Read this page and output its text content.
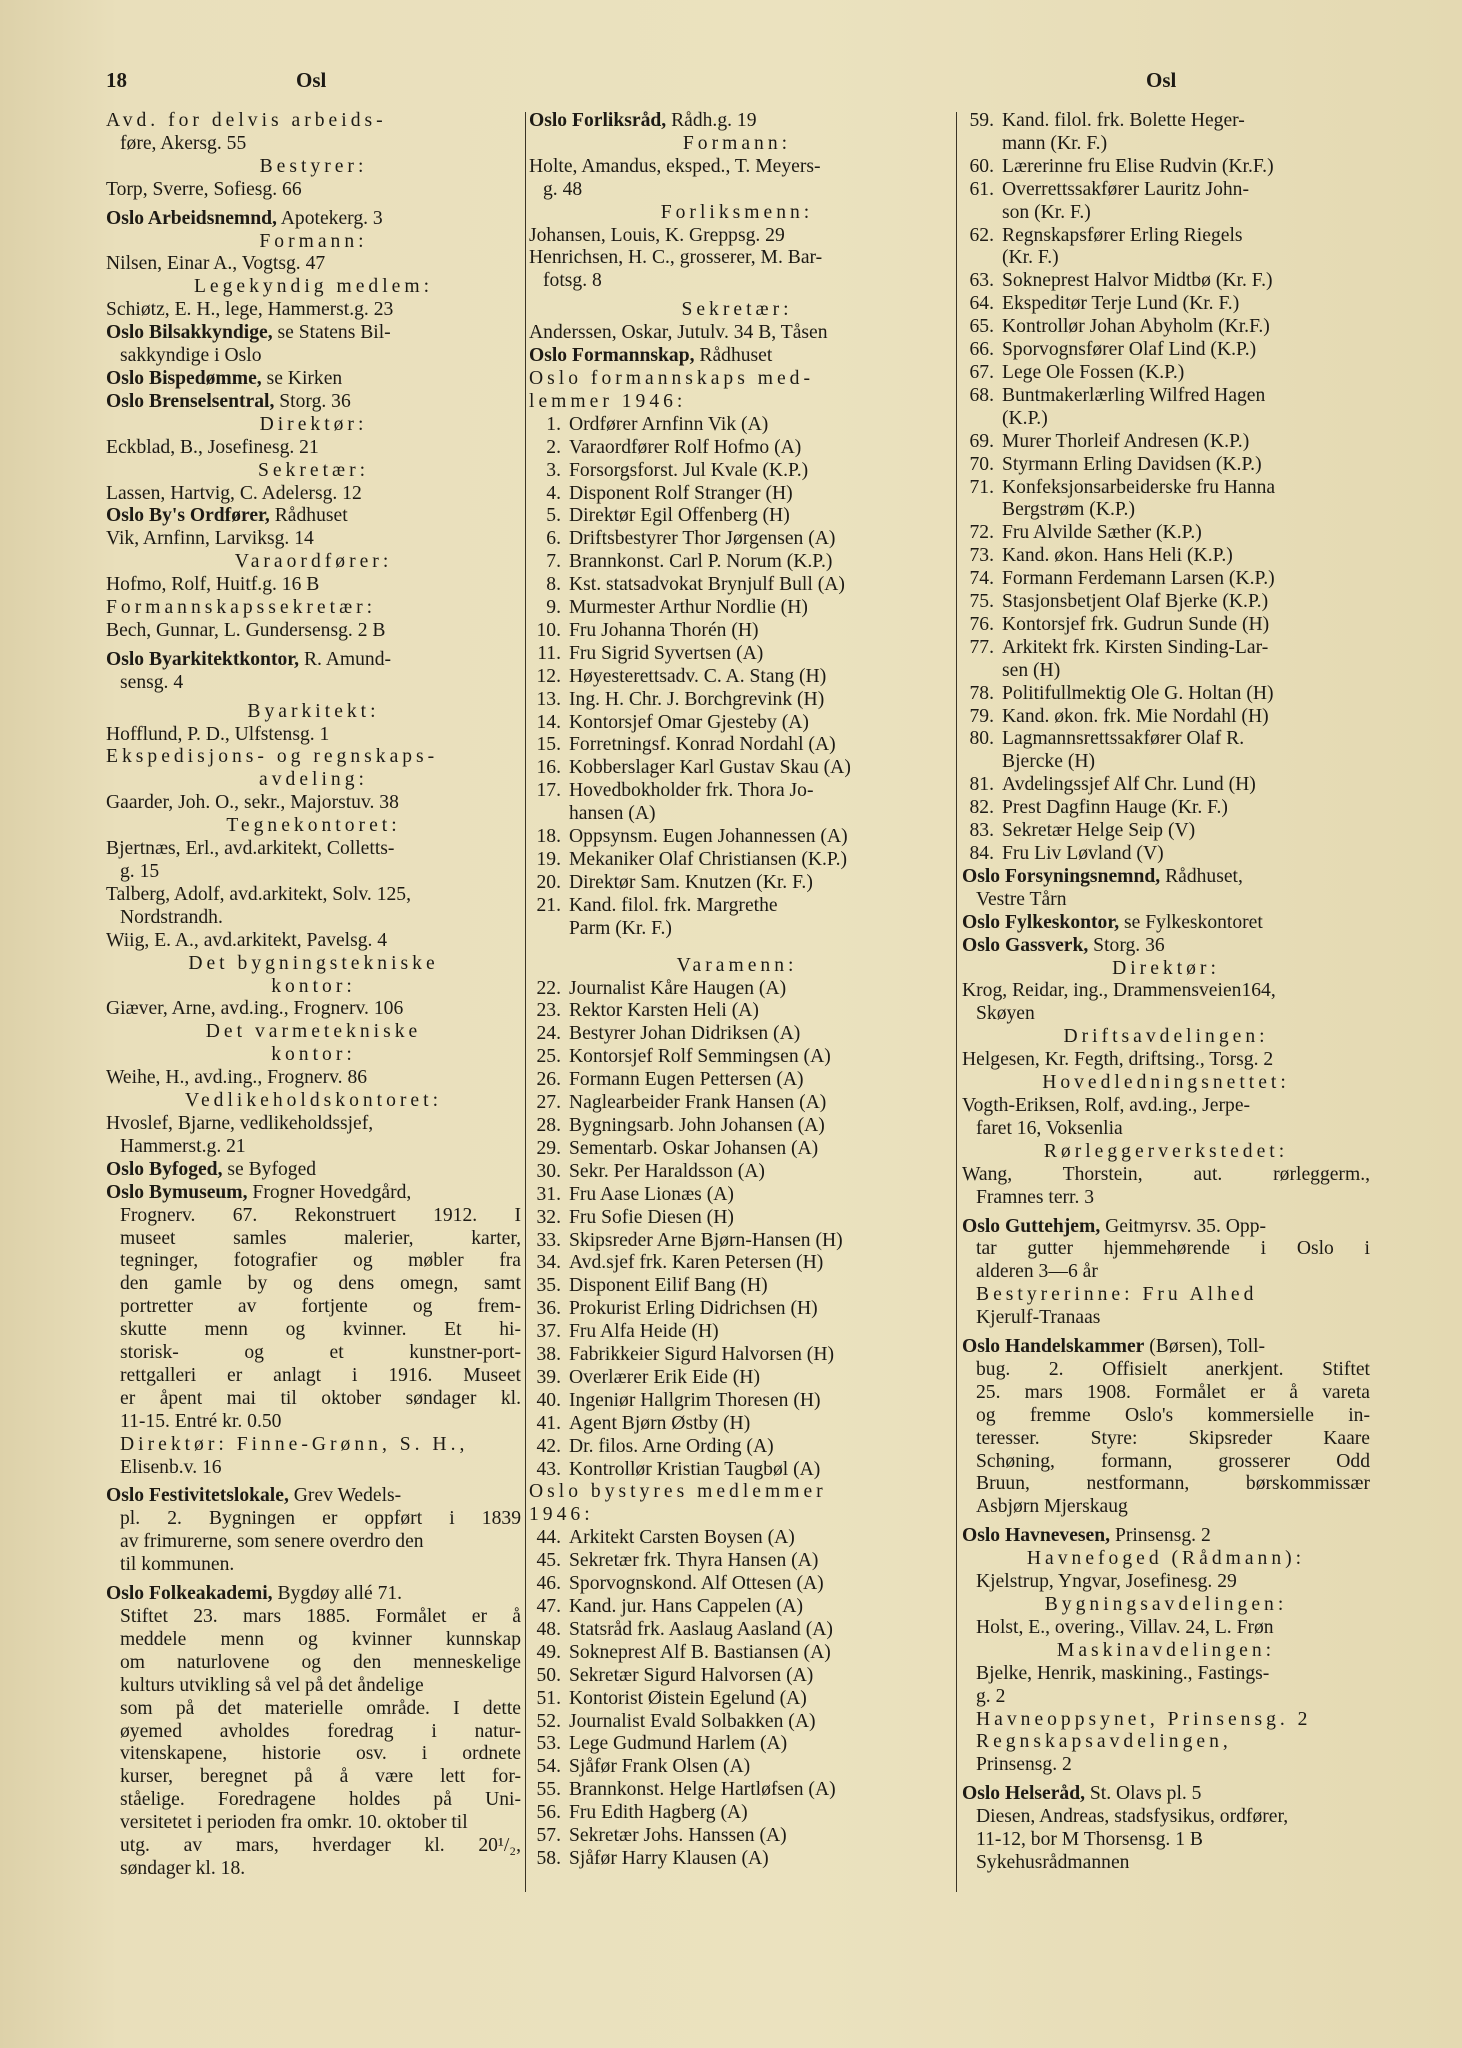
18	Osl	Osl
Avd. for delvis arbeids-
føre, Akersg. 55
Bestyrer:
Torp, Sverre, Sofiesg. 66
Oslo Arbeidsnemnd, Apotekerg. 3
Formann:
Nilsen, Einar A., Vogtsg. 47
Legekyndig medlem:
Schiøtz, E. H., lege, Hammerst.g. 23
Oslo Bilsakkyndige, se Statens Bil-
sakkyndige i Oslo
Oslo Bispedømme, se Kirken
Oslo Brenselsentral, Storg. 36
Direktør:
Eckblad, B., Josefinesg. 21
Sekretær:
Lassen, Hartvig, C. Adelersg. 12
Oslo By's Ordfører, Rådhuset
Vik, Arnfinn, Larviksg. 14
Varaordfører:
Hofmo, Rolf, Huitf.g. 16 B
Formannskapssekretær:
Bech, Gunnar, L. Gundersensg. 2 B
Oslo Byarkitektkontor, R. Amund-
sensg. 4
Byarkitekt:
Hofflund, P. D., Ulfstensg. 1
Ekspedisjons- og regnskaps-
avdeling:
Gaarder, Joh. O., sekr., Majorstuv. 38
Tegnekontoret:
Bjertnæs, Erl., avd.arkitekt, Colletts-
g. 15
Talberg, Adolf, avd.arkitekt, Solv. 125,
Nordstrandh.
Wiig, E. A., avd.arkitekt, Pavelsg. 4
Det bygningstekniske
kontor:
Giæver, Arne, avd.ing., Frognerv. 106
Det varmetekniske
kontor:
Weihe, H., avd.ing., Frognerv. 86
Vedlikeholdskontoret:
Hvoslef, Bjarne, vedlikeholdssjef,
Hammerst.g. 21
Oslo Byfoged, se Byfoged
Oslo Bymuseum, Frogner Hovedgård,
Frognerv. 67. Rekonstruert 1912. I
museet samles malerier, karter,
tegninger, fotografier og møbler fra
den gamle by og dens omegn, samt
portretter av fortjente og frem-
skutte menn og kvinner. Et hi-
storisk- og et kunstner-port-
rettgalleri er anlagt i 1916. Museet
er åpent mai til oktober søndager kl.
11-15. Entré kr. 0.50
Direktør: Finne-Grønn, S. H.,
Elisenb.v. 16
Oslo Festivitetslokale, Grev Wedels-
pl. 2. Bygningen er oppført i 1839
av frimurerne, som senere overdro den
til kommunen.
Oslo Folkeakademi, Bygdøy allé 71.
Stiftet 23. mars 1885. Formålet er å
meddele menn og kvinner kunnskap
om naturlovene og den menneskelige
kulturs utvikling så vel på det åndelige
som på det materielle område. I dette
øyemed avholdes foredrag i natur-
vitenskapene, historie osv. i ordnete
kurser, beregnet på å være lett for-
ståelige. Foredragene holdes på Uni-
versitetet i perioden fra omkr. 10. oktober til
utg. av mars, hverdager kl. 20¹/₂,
søndager kl. 18.
Oslo Forliksråd, Rådh.g. 19
Formann:
Holte, Amandus, eksped., T. Meyers-
g. 48
Forliksmenn:
Johansen, Louis, K. Greppsg. 29
Henrichsen, H. C., grosserer, M. Bar-
fotsg. 8
Sekretær:
Anderssen, Oskar, Jutulv. 34 B, Tåsen
Oslo Formannskap, Rådhuset
Oslo formannskaps med-
lemmer 1946:
1. Ordfører Arnfinn Vik (A)
2. Varaordfører Rolf Hofmo (A)
3. Forsorgsforst. Jul Kvale (K.P.)
4. Disponent Rolf Stranger (H)
5. Direktør Egil Offenberg (H)
6. Driftsbestyrer Thor Jørgensen (A)
7. Brannkonst. Carl P. Norum (K.P.)
8. Kst. statsadvokat Brynjulf Bull (A)
9. Murmester Arthur Nordlie (H)
10. Fru Johanna Thorén (H)
11. Fru Sigrid Syvertsen (A)
12. Høyesterettsadv. C. A. Stang (H)
13. Ing. H. Chr. J. Borchgrevink (H)
14. Kontorsjef Omar Gjesteby (A)
15. Forretningsf. Konrad Nordahl (A)
16. Kobberslager Karl Gustav Skau (A)
17. Hovedbokholder frk. Thora Jo-
hansen (A)
18. Oppsynsm. Eugen Johannessen (A)
19. Mekaniker Olaf Christiansen (K.P.)
20. Direktør Sam. Knutzen (Kr. F.)
21. Kand. filol. frk. Margrethe
Parm (Kr. F.)
Varamenn:
22. Journalist Kåre Haugen (A)
23. Rektor Karsten Heli (A)
24. Bestyrer Johan Didriksen (A)
25. Kontorsjef Rolf Semmingsen (A)
26. Formann Eugen Pettersen (A)
27. Naglearbeider Frank Hansen (A)
28. Bygningsarb. John Johansen (A)
29. Sementarb. Oskar Johansen (A)
30. Sekr. Per Haraldsson (A)
31. Fru Aase Lionæs (A)
32. Fru Sofie Diesen (H)
33. Skipsreder Arne Bjørn-Hansen (H)
34. Avd.sjef frk. Karen Petersen (H)
35. Disponent Eilif Bang (H)
36. Prokurist Erling Didrichsen (H)
37. Fru Alfa Heide (H)
38. Fabrikkeier Sigurd Halvorsen (H)
39. Overlærer Erik Eide (H)
40. Ingeniør Hallgrim Thoresen (H)
41. Agent Bjørn Østby (H)
42. Dr. filos. Arne Ording (A)
43. Kontrollør Kristian Taugbøl (A)
Oslo bystyres medlemmer
1946:
44. Arkitekt Carsten Boysen (A)
45. Sekretær frk. Thyra Hansen (A)
46. Sporvognskond. Alf Ottesen (A)
47. Kand. jur. Hans Cappelen (A)
48. Statsråd frk. Aaslaug Aasland (A)
49. Sokneprest Alf B. Bastiansen (A)
50. Sekretær Sigurd Halvorsen (A)
51. Kontorist Øistein Egelund (A)
52. Journalist Evald Solbakken (A)
53. Lege Gudmund Harlem (A)
54. Sjåfør Frank Olsen (A)
55. Brannkonst. Helge Hartløfsen (A)
56. Fru Edith Hagberg (A)
57. Sekretær Johs. Hanssen (A)
58. Sjåfør Harry Klausen (A)
59. Kand. filol. frk. Bolette Heger-
mann (Kr. F.)
60. Lærerinne fru Elise Rudvin (Kr.F.)
61. Overrettssakfører Lauritz John-
son (Kr. F.)
62. Regnskapsfører Erling Riegels
(Kr. F.)
63. Sokneprest Halvor Midtbø (Kr. F.)
64. Ekspeditør Terje Lund (Kr. F.)
65. Kontrollør Johan Abyholm (Kr.F.)
66. Sporvognsfører Olaf Lind (K.P.)
67. Lege Ole Fossen (K.P.)
68. Buntmakerlærling Wilfred Hagen
(K.P.)
69. Murer Thorleif Andresen (K.P.)
70. Styrmann Erling Davidsen (K.P.)
71. Konfeksjonsarbeiderske fru Hanna
Bergstrøm (K.P.)
72. Fru Alvilde Sæther (K.P.)
73. Kand. økon. Hans Heli (K.P.)
74. Formann Ferdemann Larsen (K.P.)
75. Stasjonsbetjent Olaf Bjerke (K.P.)
76. Kontorsjef frk. Gudrun Sunde (H)
77. Arkitekt frk. Kirsten Sinding-Lar-
sen (H)
78. Politifullmektig Ole G. Holtan (H)
79. Kand. økon. frk. Mie Nordahl (H)
80. Lagmannsrettssakfører Olaf R.
Bjercke (H)
81. Avdelingssjef Alf Chr. Lund (H)
82. Prest Dagfinn Hauge (Kr. F.)
83. Sekretær Helge Seip (V)
84. Fru Liv Løvland (V)
Oslo Forsyningsnemnd, Rådhuset,
Vestre Tårn
Oslo Fylkeskontor, se Fylkeskontoret
Oslo Gassverk, Storg. 36
Direktør:
Krog, Reidar, ing., Drammensveien164,
Skøyen
Driftsavdelingen:
Helgesen, Kr. Fegth, driftsing., Torsg. 2
Hovedledningsnettet:
Vogth-Eriksen, Rolf, avd.ing., Jerpe-
faret 16, Voksenlia
Rørleggerverkstedet:
Wang, Thorstein, aut. rørleggerm.,
Framnes terr. 3
Oslo Guttehjem, Geitmyrsv. 35. Opp-
tar gutter hjemmehørende i Oslo i
alderen 3—6 år
Bestyrerinne: Fru Alhed
Kjerulf-Tranaas
Oslo Handelskammer (Børsen), Toll-
bug. 2. Offisielt anerkjent. Stiftet
25. mars 1908. Formålet er å vareta
og fremme Oslo's kommersielle in-
teresser. Styre: Skipsreder Kaare
Schøning, formann, grosserer Odd
Bruun, nestformann, børskommissær
Asbjørn Mjerskaug
Oslo Havnevesen, Prinsensg. 2
Havnefoged (Rådmann):
Kjelstrup, Yngvar, Josefinesg. 29
Bygningsavdelingen:
Holst, E., overing., Villav. 24, L. Frøn
Maskinavdelingen:
Bjelke, Henrik, maskining., Fastings-
g. 2
Havneoppsynet, Prinsensg. 2
Regnskapsavdelingen,
Prinsensg. 2
Oslo Helseråd, St. Olavs pl. 5
Diesen, Andreas, stadsfysikus, ordfører,
11-12, bor M Thorsensg. 1 B
Sykehusrådmannen
